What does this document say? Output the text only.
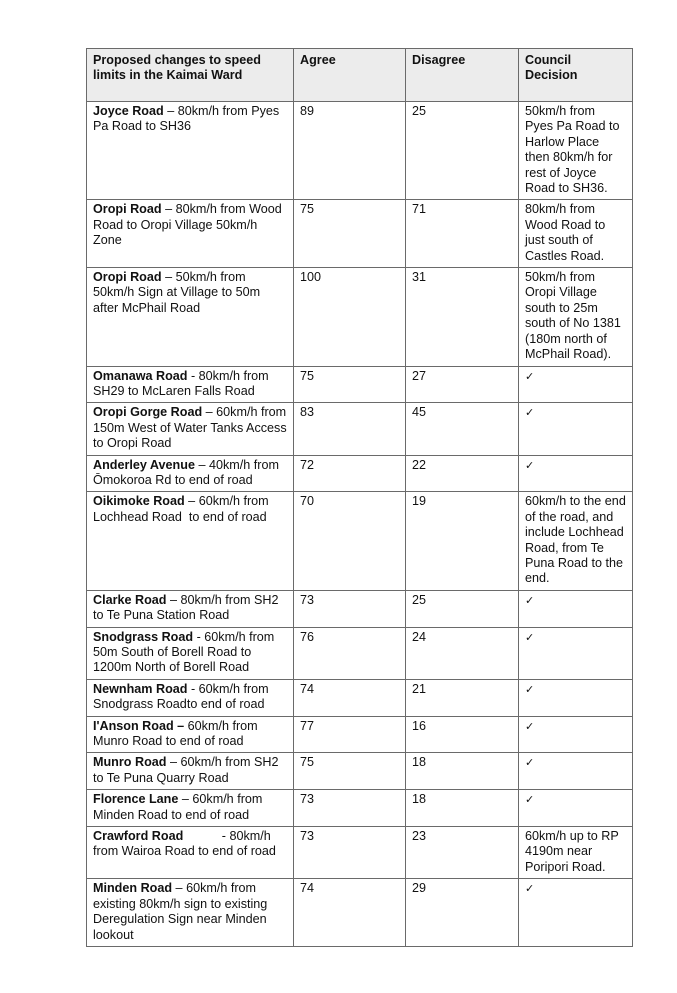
Proposed changes to speed limits in the Kaimai Ward	Agree	Disagree	Council Decision
Joyce Road – 80km/h from Pyes Pa Road to SH36	89	25	50km/h from Pyes Pa Road to Harlow Place then 80km/h for rest of Joyce Road to SH36.
Oropi Road – 80km/h from Wood Road to Oropi Village 50km/h Zone	75	71	80km/h from Wood Road to just south of Castles Road.
Oropi Road – 50km/h from 50km/h Sign at Village to 50m after McPhail Road	100	31	50km/h from Oropi Village south to 25m south of No 1381 (180m north of McPhail Road).
Omanawa Road - 80km/h from SH29 to McLaren Falls Road	75	27	✓
Oropi Gorge Road – 60km/h from 150m West of Water Tanks Access to Oropi Road	83	45	✓
Anderley Avenue – 40km/h from Ōmokoroa Rd to end of road	72	22	✓
Oikimoke Road – 60km/h from Lochhead Road  to end of road	70	19	60km/h to the end of the road, and include Lochhead Road, from Te Puna Road to the end.
Clarke Road – 80km/h from SH2 to Te Puna Station Road	73	25	✓
Snodgrass Road - 60km/h from 50m South of Borell Road to 1200m North of Borell Road	76	24	✓
Newnham Road - 60km/h from Snodgrass Roadto end of road	74	21	✓
I'Anson Road – 60km/h from Munro Road to end of road	77	16	✓
Munro Road – 60km/h from SH2 to Te Puna Quarry Road	75	18	✓
Florence Lane – 60km/h from Minden Road to end of road	73	18	✓
Crawford Road           - 80km/h from Wairoa Road to end of road	73	23	60km/h up to RP 4190m near Poripori Road.
Minden Road – 60km/h from existing 80km/h sign to existing Deregulation Sign near Minden lookout	74	29	✓
